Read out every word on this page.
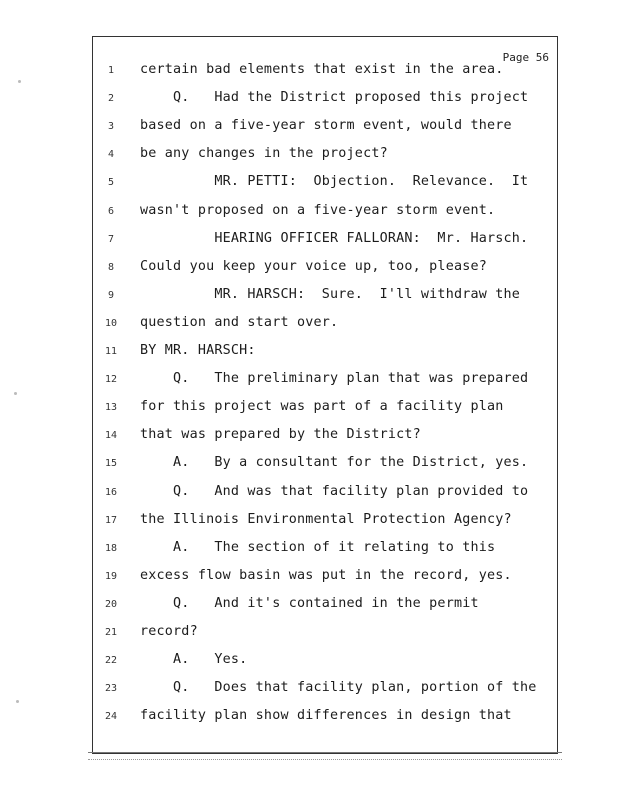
Page 56
1	certain bad elements that exist in the area.
2	Q.   Had the District proposed this project
3	based on a five-year storm event, would there
4	be any changes in the project?
5	MR. PETTI:  Objection.  Relevance.  It
6	wasn't proposed on a five-year storm event.
7	HEARING OFFICER FALLORAN:  Mr. Harsch.
8	Could you keep your voice up, too, please?
9	MR. HARSCH:  Sure.  I'll withdraw the
10	question and start over.
11	BY MR. HARSCH:
12	Q.   The preliminary plan that was prepared
13	for this project was part of a facility plan
14	that was prepared by the District?
15	A.   By a consultant for the District, yes.
16	Q.   And was that facility plan provided to
17	the Illinois Environmental Protection Agency?
18	A.   The section of it relating to this
19	excess flow basin was put in the record, yes.
20	Q.   And it's contained in the permit
21	record?
22	A.   Yes.
23	Q.   Does that facility plan, portion of the
24	facility plan show differences in design that
